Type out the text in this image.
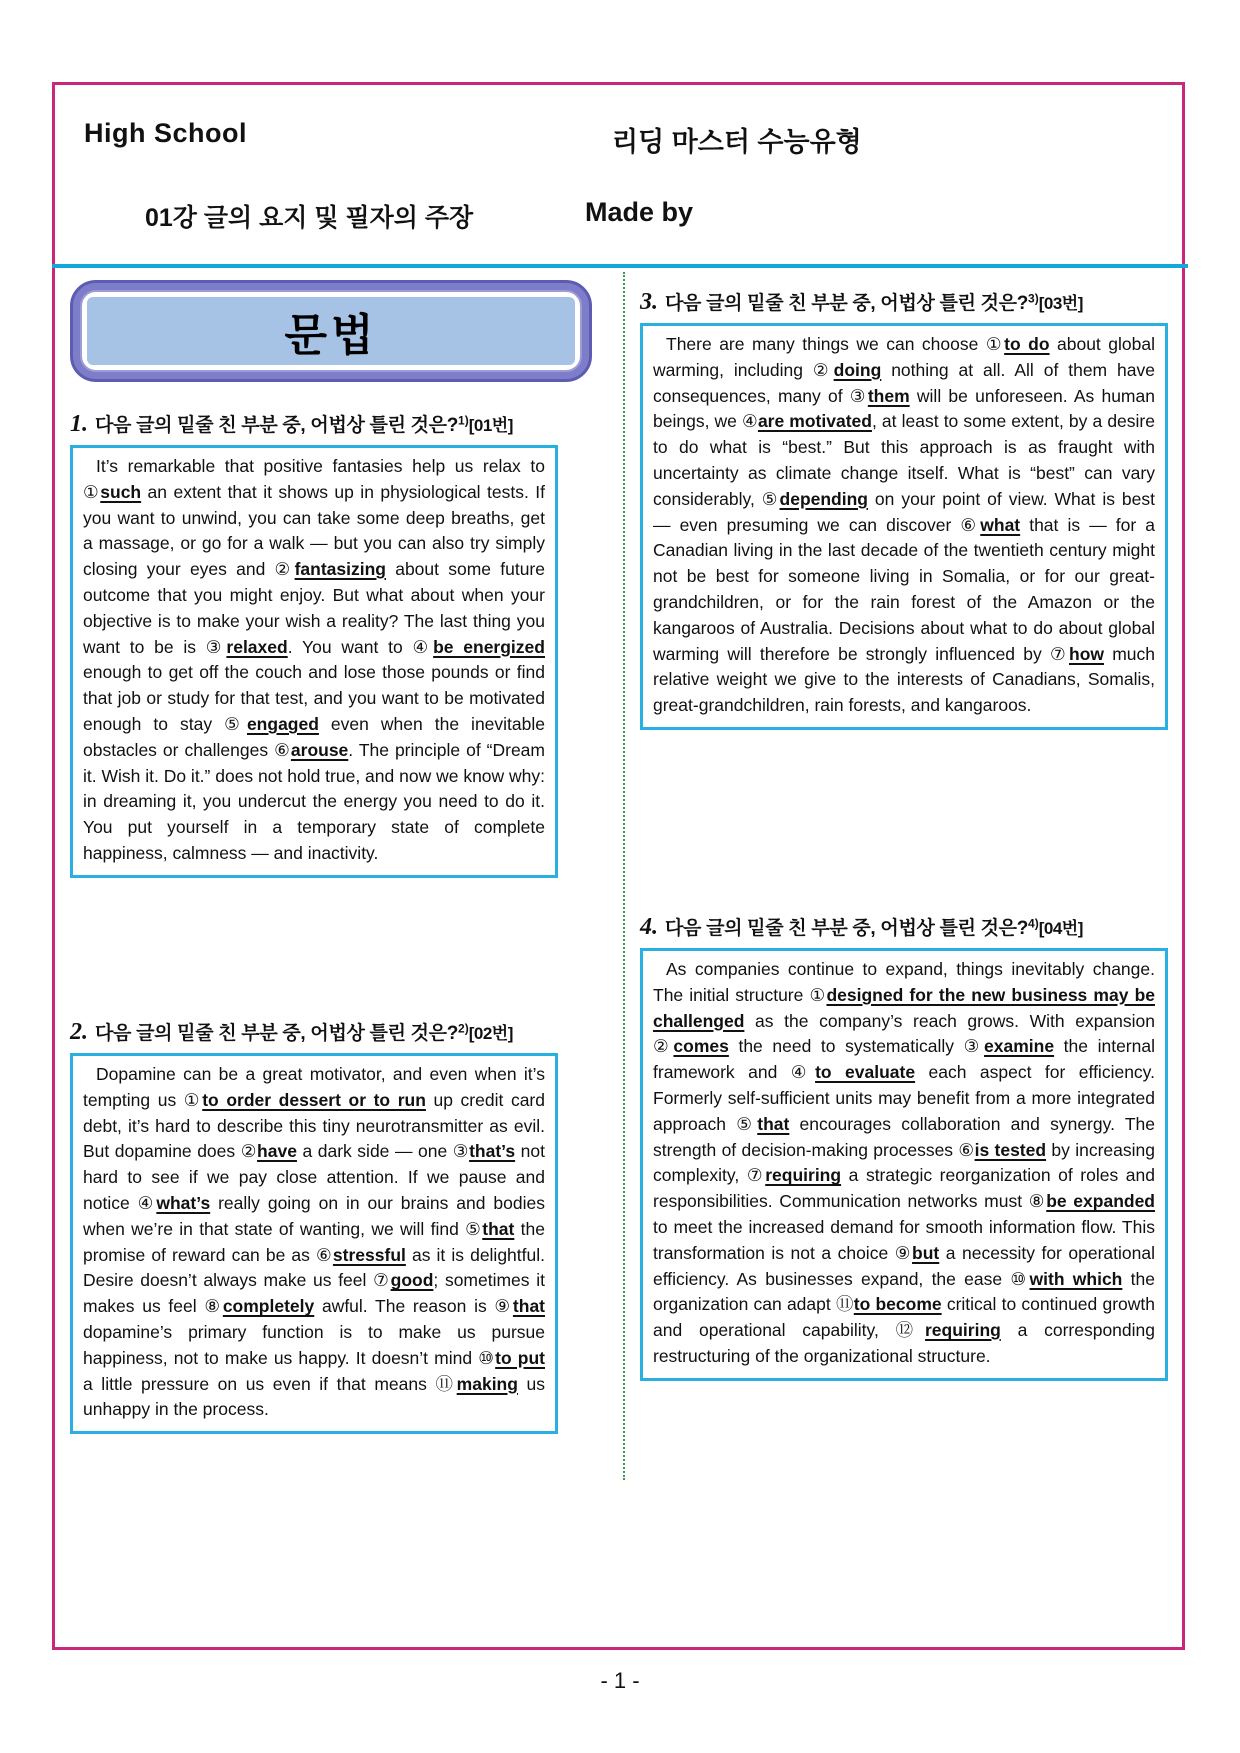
High School	리딩 마스터 수능유형
01강 글의 요지 및 필자의 주장	Made by
문법
1. 다음 글의 밑줄 친 부분 중, 어법상 틀린 것은?$^{1)}$[01번]
It’s remarkable that positive fantasies help us relax to ①such an extent that it shows up in physiological tests. If you want to unwind, you can take some deep breaths, get a massage, or go for a walk — but you can also try simply closing your eyes and ②fantasizing about some future outcome that you might enjoy. But what about when your objective is to make your wish a reality? The last thing you want to be is ③relaxed. You want to ④be energized enough to get off the couch and lose those pounds or find that job or study for that test, and you want to be motivated enough to stay ⑤engaged even when the inevitable obstacles or challenges ⑥arouse. The principle of “Dream it. Wish it. Do it.” does not hold true, and now we know why: in dreaming it, you undercut the energy you need to do it. You put yourself in a temporary state of complete happiness, calmness — and inactivity.
2. 다음 글의 밑줄 친 부분 중, 어법상 틀린 것은?$^{2)}$[02번]
Dopamine can be a great motivator, and even when it’s tempting us ①to order dessert or to run up credit card debt, it’s hard to describe this tiny neurotransmitter as evil. But dopamine does ②have a dark side — one ③that’s not hard to see if we pay close attention. If we pause and notice ④what’s really going on in our brains and bodies when we’re in that state of wanting, we will find ⑤that the promise of reward can be as ⑥stressful as it is delightful. Desire doesn’t always make us feel ⑦good; sometimes it makes us feel ⑧completely awful. The reason is ⑨that dopamine’s primary function is to make us pursue happiness, not to make us happy. It doesn’t mind ⑩to put a little pressure on us even if that means ⑪making us unhappy in the process.
3. 다음 글의 밑줄 친 부분 중, 어법상 틀린 것은?$^{3)}$[03번]
There are many things we can choose ①to do about global warming, including ②doing nothing at all. All of them have consequences, many of ③them will be unforeseen. As human beings, we ④are motivated, at least to some extent, by a desire to do what is “best.” But this approach is as fraught with uncertainty as climate change itself. What is “best” can vary considerably, ⑤depending on your point of view. What is best — even presuming we can discover ⑥what that is — for a Canadian living in the last decade of the twentieth century might not be best for someone living in Somalia, or for our great-grandchildren, or for the rain forest of the Amazon or the kangaroos of Australia. Decisions about what to do about global warming will therefore be strongly influenced by ⑦how much relative weight we give to the interests of Canadians, Somalis, great-grandchildren, rain forests, and kangaroos.
4. 다음 글의 밑줄 친 부분 중, 어법상 틀린 것은?$^{4)}$[04번]
As companies continue to expand, things inevitably change. The initial structure ①designed for the new business may be challenged as the company’s reach grows. With expansion ②comes the need to systematically ③examine the internal framework and ④to evaluate each aspect for efficiency. Formerly self-sufficient units may benefit from a more integrated approach ⑤that encourages collaboration and synergy. The strength of decision-making processes ⑥is tested by increasing complexity, ⑦requiring a strategic reorganization of roles and responsibilities. Communication networks must ⑧be expanded to meet the increased demand for smooth information flow. This transformation is not a choice ⑨but a necessity for operational efficiency. As businesses expand, the ease ⑩with which the organization can adapt ⑪to become critical to continued growth and operational capability, ⑫requiring a corresponding restructuring of the organizational structure.
- 1 -
